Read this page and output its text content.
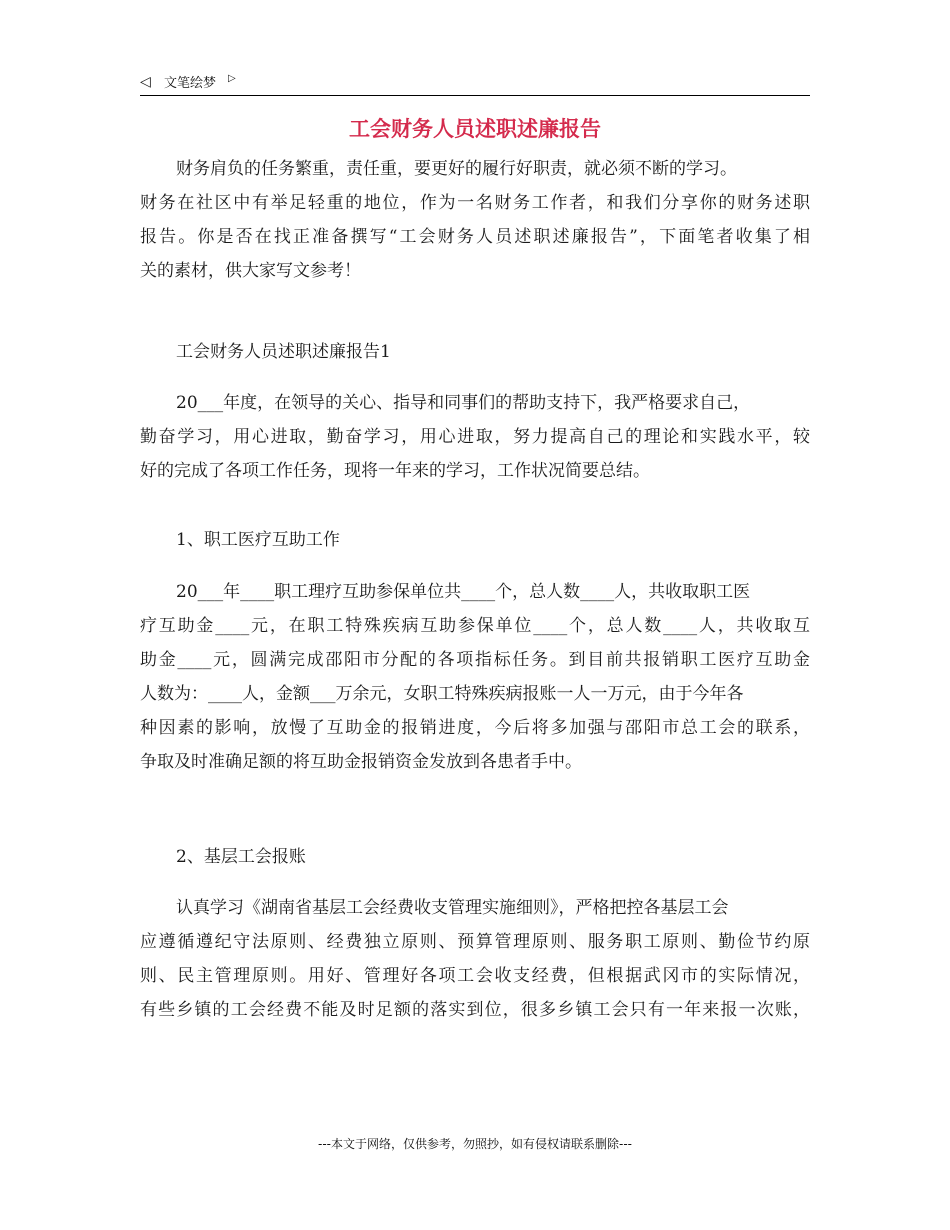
◁ 文笔绘梦 ▷
工会财务人员述职述廉报告
财务肩负的任务繁重，责任重，要更好的履行好职责，就必须不断的学习。
财务在社区中有举足轻重的地位，作为一名财务工作者，和我们分享你的财务述职
报告。你是否在找正准备撰写“工会财务人员述职述廉报告”，下面笔者收集了相
关的素材，供大家写文参考！
工会财务人员述职述廉报告1
20___年度，在领导的关心、指导和同事们的帮助支持下，我严格要求自己，
勤奋学习，用心进取，勤奋学习，用心进取，努力提高自己的理论和实践水平，较
好的完成了各项工作任务，现将一年来的学习，工作状况简要总结。
1、职工医疗互助工作
20___年____职工理疗互助参保单位共____个，总人数____人，共收取职工医
疗互助金____元，在职工特殊疾病互助参保单位____个，总人数____人，共收取互
助金____元，圆满完成邵阳市分配的各项指标任务。到目前共报销职工医疗互助金
人数为：____人，金额___万余元，女职工特殊疾病报账一人一万元，由于今年各
种因素的影响，放慢了互助金的报销进度，今后将多加强与邵阳市总工会的联系，
争取及时准确足额的将互助金报销资金发放到各患者手中。
2、基层工会报账
认真学习《湖南省基层工会经费收支管理实施细则》，严格把控各基层工会
应遵循遵纪守法原则、经费独立原则、预算管理原则、服务职工原则、勤俭节约原
则、民主管理原则。用好、管理好各项工会收支经费，但根据武冈市的实际情况，
有些乡镇的工会经费不能及时足额的落实到位，很多乡镇工会只有一年来报一次账，
---本文于网络，仅供参考，勿照抄，如有侵权请联系删除---
